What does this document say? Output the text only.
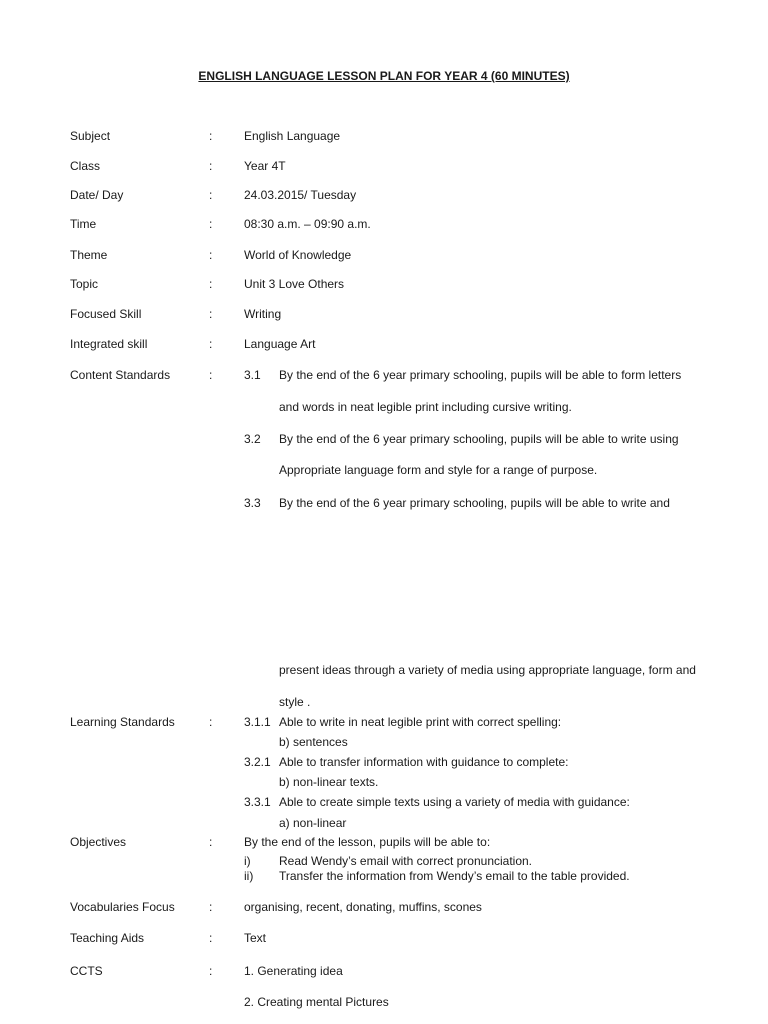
ENGLISH LANGUAGE LESSON PLAN FOR YEAR 4 (60 MINUTES)
Subject	:	English Language
Class	:	Year 4T
Date/ Day	:	24.03.2015/ Tuesday
Time	:	08:30 a.m. – 09:90 a.m.
Theme	:	World of Knowledge
Topic	:	Unit 3 Love Others
Focused Skill	:	Writing
Integrated skill	:	Language Art
Content Standards	:	3.1 By the end of the 6 year primary schooling, pupils will be able to form letters
and words in neat legible print including cursive writing.
3.2 By the end of the 6 year primary schooling, pupils will be able to write using
Appropriate language form and style for a range of purpose.
3.3 By the end of the 6 year primary schooling, pupils will be able to write and
present ideas through a variety of media using appropriate language, form and
style .
Learning Standards	:	3.1.1 Able to write in neat legible print with correct spelling:
b) sentences
3.2.1 Able to transfer information with guidance to complete:
b) non-linear texts.
3.3.1 Able to create simple texts using a variety of media with guidance:
a) non-linear
Objectives	:	By the end of the lesson, pupils will be able to:
i) Read Wendy’s email with correct pronunciation.
ii) Transfer the information from Wendy’s email to the table provided.
Vocabularies Focus	:	organising, recent, donating, muffins, scones
Teaching Aids	:	Text
CCTS	:	1. Generating idea
2. Creating mental Pictures
